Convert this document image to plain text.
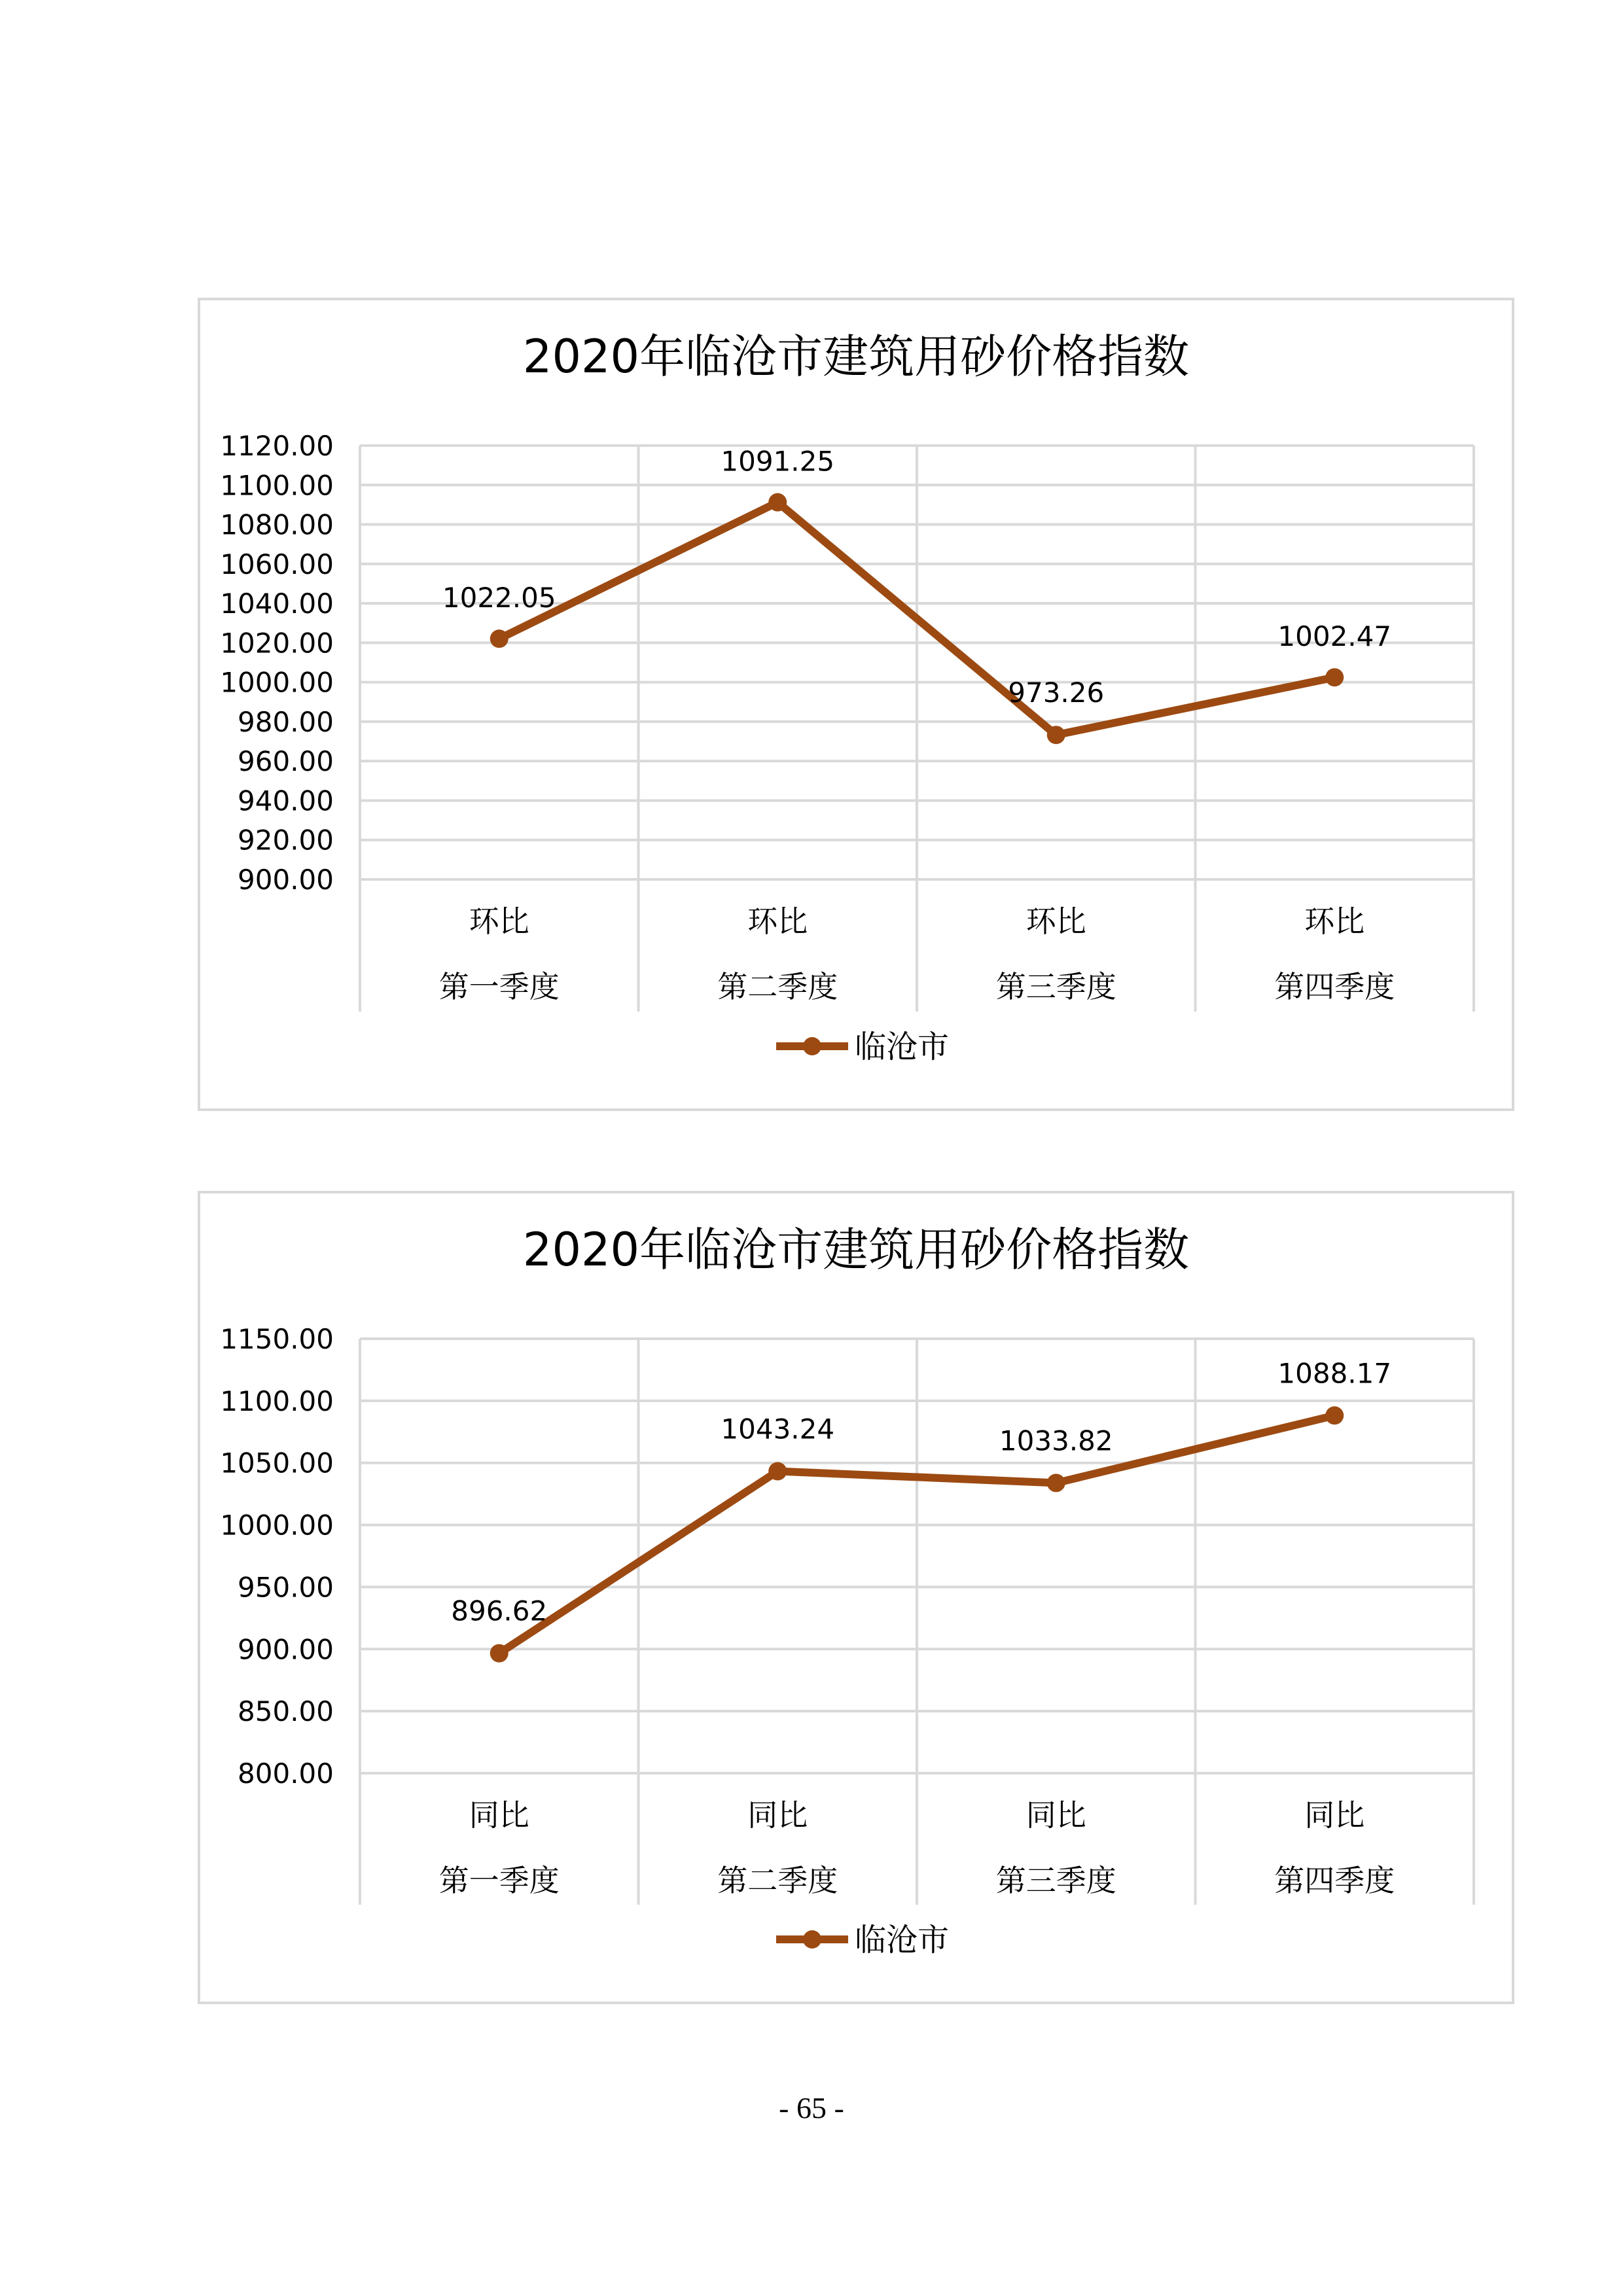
2020年临沧市建筑用砂价格指数
900.00
920.00
940.00
960.00
980.00
1000.00
1020.00
1040.00
1060.00
1080.00
1100.00
1120.00
环比
第一季度
环比
第二季度
环比
第三季度
环比
第四季度
1022.05
1091.25
973.26
1002.47
临沧市
2020年临沧市建筑用砂价格指数
800.00
850.00
900.00
950.00
1000.00
1050.00
1100.00
1150.00
同比
第一季度
同比
第二季度
同比
第三季度
同比
第四季度
896.62
1043.24	1033.82
1088.17
临沧市
- 65 -
